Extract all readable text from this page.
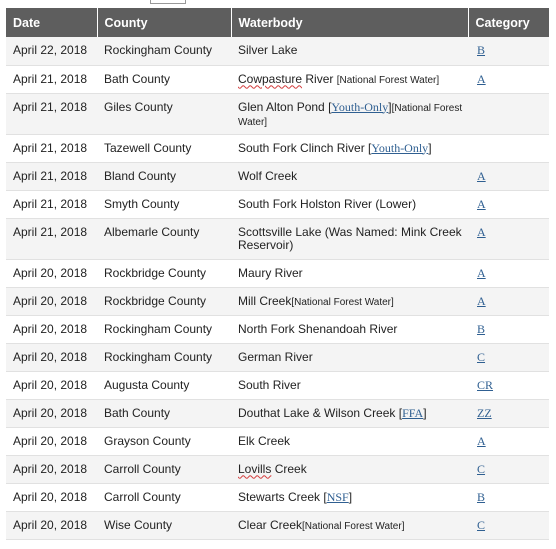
Date	County	Waterbody	Category
April 22, 2018	Rockingham County	Silver Lake	B
April 21, 2018	Bath County	Cowpasture River [National Forest Water]	A
April 21, 2018	Giles County	Glen Alton Pond [Youth-Only][National Forest Water]	
April 21, 2018	Tazewell County	South Fork Clinch River [Youth-Only]	
April 21, 2018	Bland County	Wolf Creek	A
April 21, 2018	Smyth County	South Fork Holston River (Lower)	A
April 21, 2018	Albemarle County	Scottsville Lake (Was Named: Mink Creek Reservoir)	A
April 20, 2018	Rockbridge County	Maury River	A
April 20, 2018	Rockbridge County	Mill Creek[National Forest Water]	A
April 20, 2018	Rockingham County	North Fork Shenandoah River	B
April 20, 2018	Rockingham County	German River	C
April 20, 2018	Augusta County	South River	CR
April 20, 2018	Bath County	Douthat Lake & Wilson Creek [FFA]	ZZ
April 20, 2018	Grayson County	Elk Creek	A
April 20, 2018	Carroll County	Lovills Creek	C
April 20, 2018	Carroll County	Stewarts Creek [NSF]	B
April 20, 2018	Wise County	Clear Creek[National Forest Water]	C
